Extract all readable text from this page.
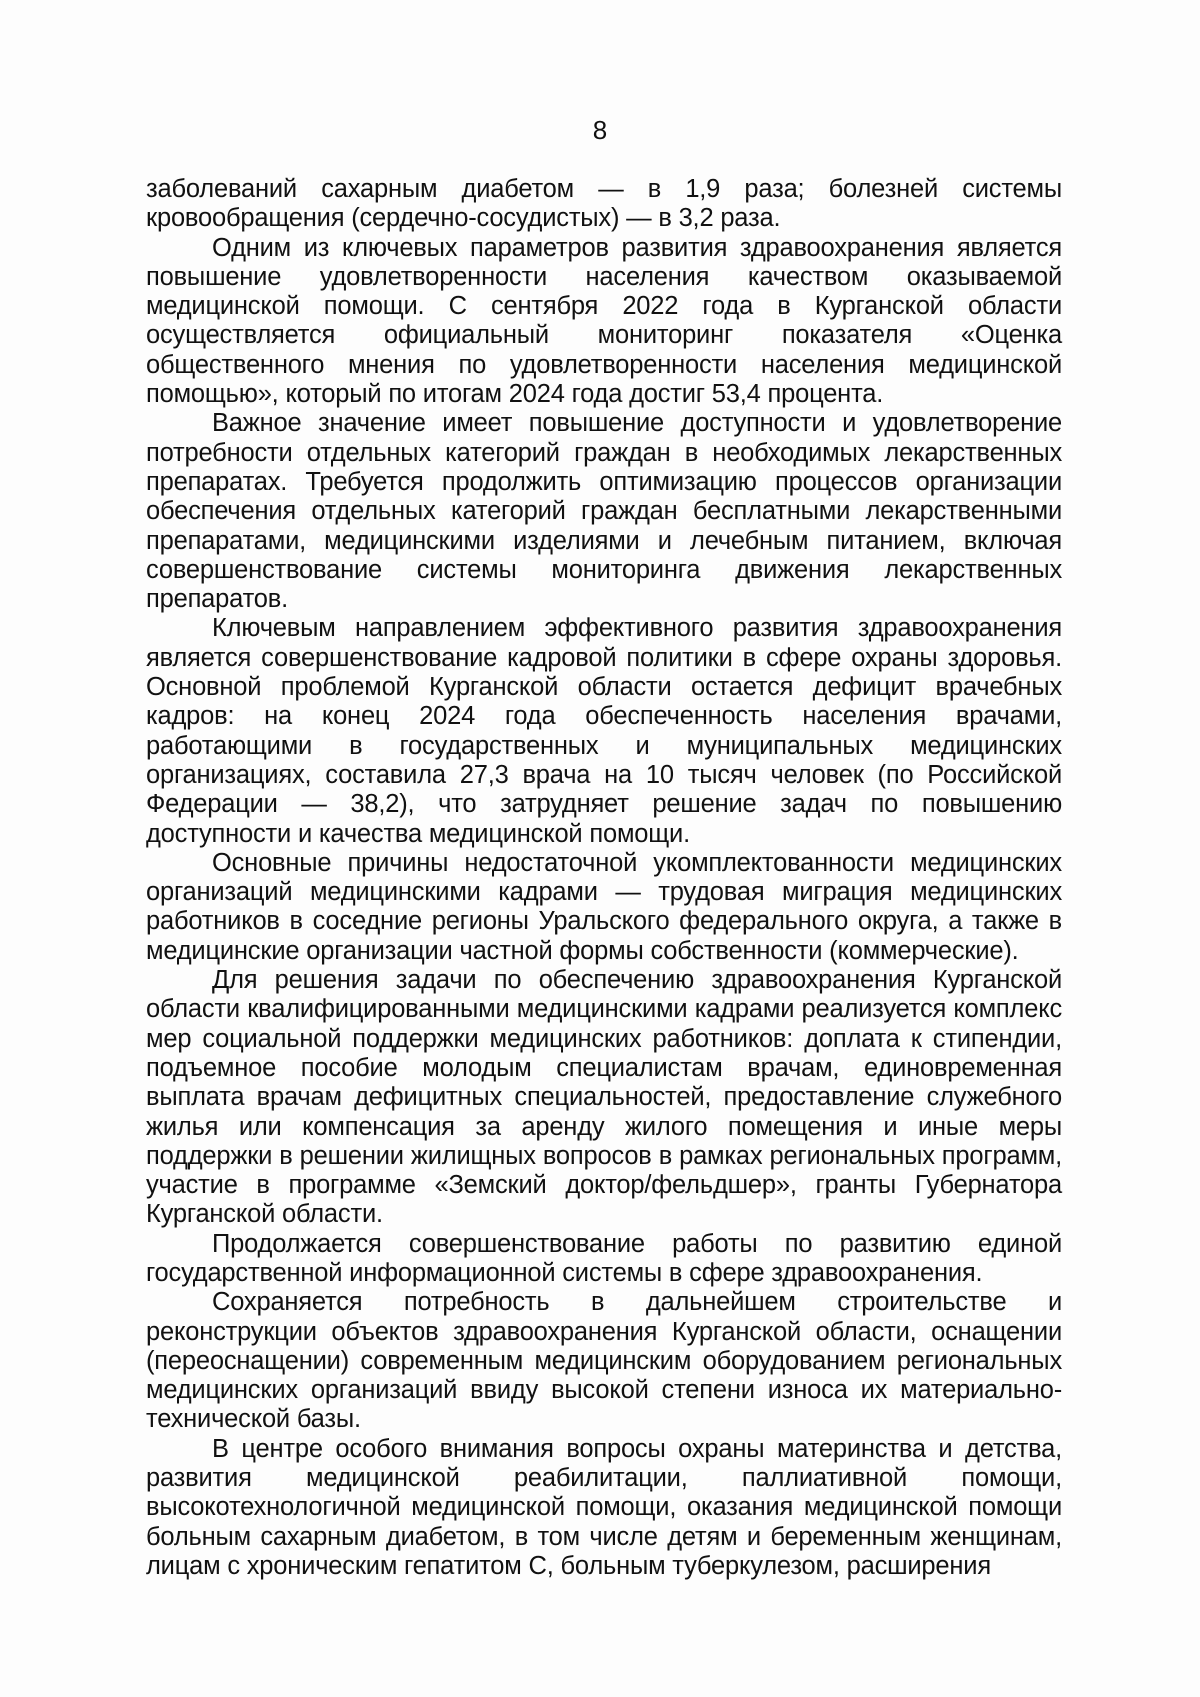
8

заболеваний сахарным диабетом — в 1,9 раза; болезней системы кровообращения (сердечно-сосудистых) — в 3,2 раза.

Одним из ключевых параметров развития здравоохранения является повышение удовлетворенности населения качеством оказываемой медицинской помощи. С сентября 2022 года в Курганской области осуществляется официальный мониторинг показателя «Оценка общественного мнения по удовлетворенности населения медицинской помощью», который по итогам 2024 года достиг 53,4 процента.

Важное значение имеет повышение доступности и удовлетворение потребности отдельных категорий граждан в необходимых лекарственных препаратах. Требуется продолжить оптимизацию процессов организации обеспечения отдельных категорий граждан бесплатными лекарственными препаратами, медицинскими изделиями и лечебным питанием, включая совершенствование системы мониторинга движения лекарственных препаратов.

Ключевым направлением эффективного развития здравоохранения является совершенствование кадровой политики в сфере охраны здоровья. Основной проблемой Курганской области остается дефицит врачебных кадров: на конец 2024 года обеспеченность населения врачами, работающими в государственных и муниципальных медицинских организациях, составила 27,3 врача на 10 тысяч человек (по Российской Федерации — 38,2), что затрудняет решение задач по повышению доступности и качества медицинской помощи.

Основные причины недостаточной укомплектованности медицинских организаций медицинскими кадрами — трудовая миграция медицинских работников в соседние регионы Уральского федерального округа, а также в медицинские организации частной формы собственности (коммерческие).

Для решения задачи по обеспечению здравоохранения Курганской области квалифицированными медицинскими кадрами реализуется комплекс мер социальной поддержки медицинских работников: доплата к стипендии, подъемное пособие молодым специалистам врачам, единовременная выплата врачам дефицитных специальностей, предоставление служебного жилья или компенсация за аренду жилого помещения и иные меры поддержки в решении жилищных вопросов в рамках региональных программ, участие в программе «Земский доктор/фельдшер», гранты Губернатора Курганской области.

Продолжается совершенствование работы по развитию единой государственной информационной системы в сфере здравоохранения.

Сохраняется потребность в дальнейшем строительстве и реконструкции объектов здравоохранения Курганской области, оснащении (переоснащении) современным медицинским оборудованием региональных медицинских организаций ввиду высокой степени износа их материально-технической базы.

В центре особого внимания вопросы охраны материнства и детства, развития медицинской реабилитации, паллиативной помощи, высокотехнологичной медицинской помощи, оказания медицинской помощи больным сахарным диабетом, в том числе детям и беременным женщинам, лицам с хроническим гепатитом С, больным туберкулезом, расширения
